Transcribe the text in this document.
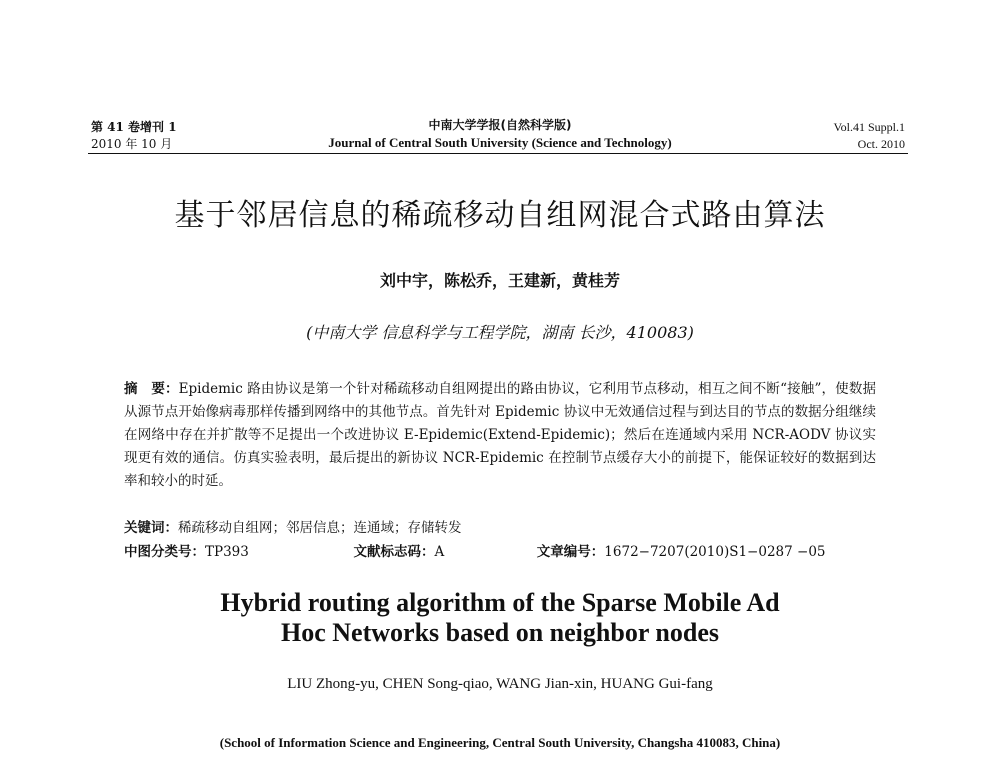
第 41 卷增刊 1
2010 年 10 月
中南大学学报(自然科学版)
Journal of Central South University (Science and Technology)
Vol.41 Suppl.1
Oct. 2010
基于邻居信息的稀疏移动自组网混合式路由算法
刘中宇，陈松乔，王建新，黄桂芳
(中南大学 信息科学与工程学院，湖南 长沙，410083)
摘　要：Epidemic 路由协议是第一个针对稀疏移动自组网提出的路由协议，它利用节点移动，相互之间不断“接触”，使数据从源节点开始像病毒那样传播到网络中的其他节点。首先针对 Epidemic 协议中无效通信过程与到达目的节点的数据分组继续在网络中存在并扩散等不足提出一个改进协议 E-Epidemic(Extend-Epidemic)；然后在连通域内采用 NCR-AODV 协议实现更有效的通信。仿真实验表明，最后提出的新协议 NCR-Epidemic 在控制节点缓存大小的前提下，能保证较好的数据到达率和较小的时延。
关键词：稀疏移动自组网；邻居信息；连通域；存储转发
中图分类号：TP393	文献标志码：A	文章编号：1672−7207(2010)S1−0287 −05
Hybrid routing algorithm of the Sparse Mobile Ad
Hoc Networks based on neighbor nodes
LIU Zhong-yu, CHEN Song-qiao, WANG Jian-xin, HUANG Gui-fang
(School of Information Science and Engineering, Central South University, Changsha 410083, China)
